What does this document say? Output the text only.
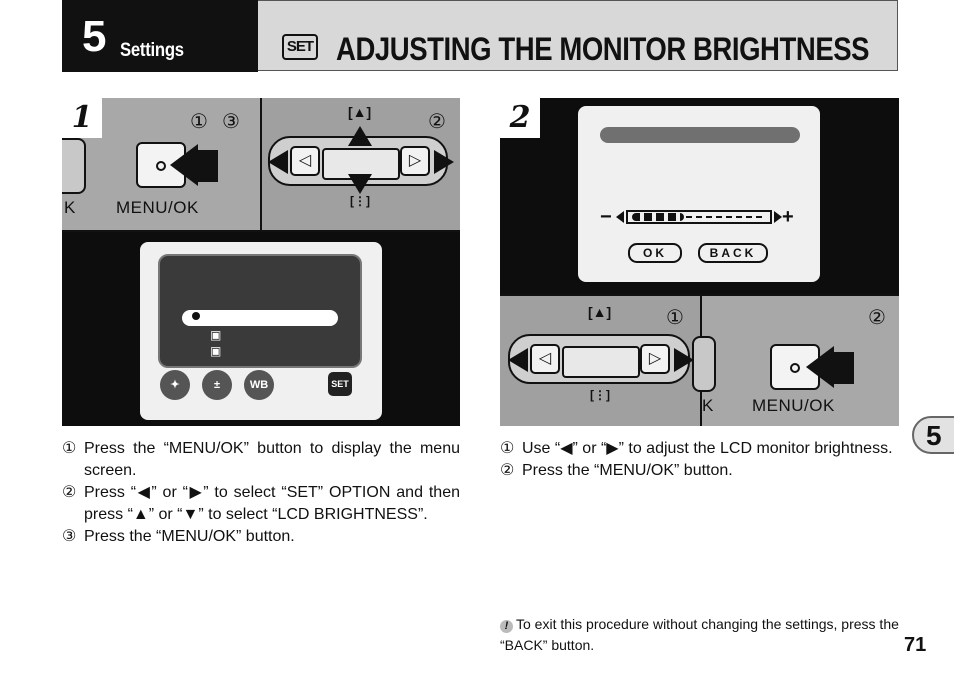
5 Settings	SET ADJUSTING THE MONITOR BRIGHTNESS
1
MENU/OK
K
① ③
◁	▷
[▲]
[⋮]
②
▣
▣
✦	±	WB	SET
2
−	+
OK	BACK
◁	▷
[▲]
[⋮]
①
MENU/OK
K
②
① Press the “MENU/OK” button to display the menu screen.
② Press “◀” or “▶” to select “SET” OPTION and then press “▲” or “▼” to select “LCD BRIGHTNESS”.
③ Press the “MENU/OK” button.
① Use “◀” or “▶” to adjust the LCD monitor brightness.
② Press the “MENU/OK” button.
5
! To exit this procedure without changing the settings, press the “BACK” button.	71
